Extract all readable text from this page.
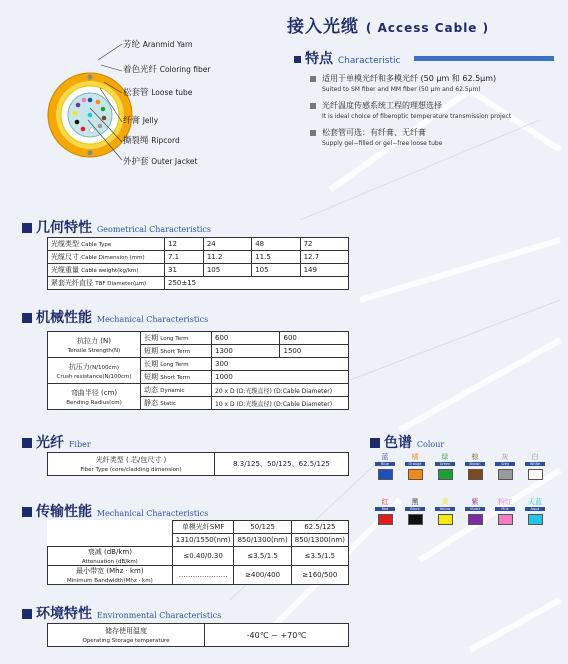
芳纶 Aranmid Yarn
着色光纤 Coloring fiber
松套管 Loose tube
纤膏 Jelly
撕裂绳 Ripcord
外护套 Outer Jacket
接入光缆 ( Access Cable )
特点 Characteristic
适用于单模光纤和多模光纤 (50 μm 和 62.5μm)
Suited to SM fiber and MM fiber (50 μm and 62.5μm)
光纤温度传感系统工程的理想选择
It is ideal choice of fiberoptic temperature transmission project
松套管可选：有纤膏、无纤膏
Supply gel−filled or gel−free loose tube
几何特性 Geometrical Characteristics
光缆类型 Cable Type	12	24	48	72
光缆尺寸 Cable Dimension (mm)	7.1	11.2	11.5	12.7
光缆重量 Cable weight(kg/km)	31	105	105	149
紧套光纤直径 TBF Diameter(μm)	250±15			
机械性能 Mechanical Characteristics
抗拉力 (N)
Tensile Strength(N)	长期 Long Term	600	600
	短期 Short Term	1300	1500
抗压力(N/100cm)
Crush resistance(N/100cm)	长期 Long Term	300	
	短期 Short Term	1000	
弯曲半径 (cm)
Bending Radius(cm)	动态 Dynamic	20 x D (D:光缆直径) (D:Cable Diameter)	
	静态 Static	10 x D (D:光缆直径) (D:Cable Diameter)	
光纤 Fiber
光纤类型 ( 芯/包尺寸 )
Fiber Type (core/cladding dimension)	8.3/125、50/125、62.5/125
色谱 Colour
蓝
Blue
橘
Orange
绿
Green
棕
Brown
灰
Grey
白
White
红
Red
黑
Black
黄
Yellow
紫
Violet
粉红
Pink
天蓝
Aqua
传输性能 Mechanical Characteristics
	单模光纤SMF	50/125	62.5/125
	1310/1550(nm)	850/1300(nm)	850/1300(nm)
衰减 (dB/km)
Attenuation (dB/km)	≤0.40/0.30	≤3.5/1.5	≤3.5/1.5
最小带宽 (Mhz · km)
Minimum Bandwidth(Mhz · km)	…………………	≥400/400	≥160/500
环境特性 Environmental Characteristics
储存使用温度
Operating Storage temperature	-40℃ ~ +70℃
